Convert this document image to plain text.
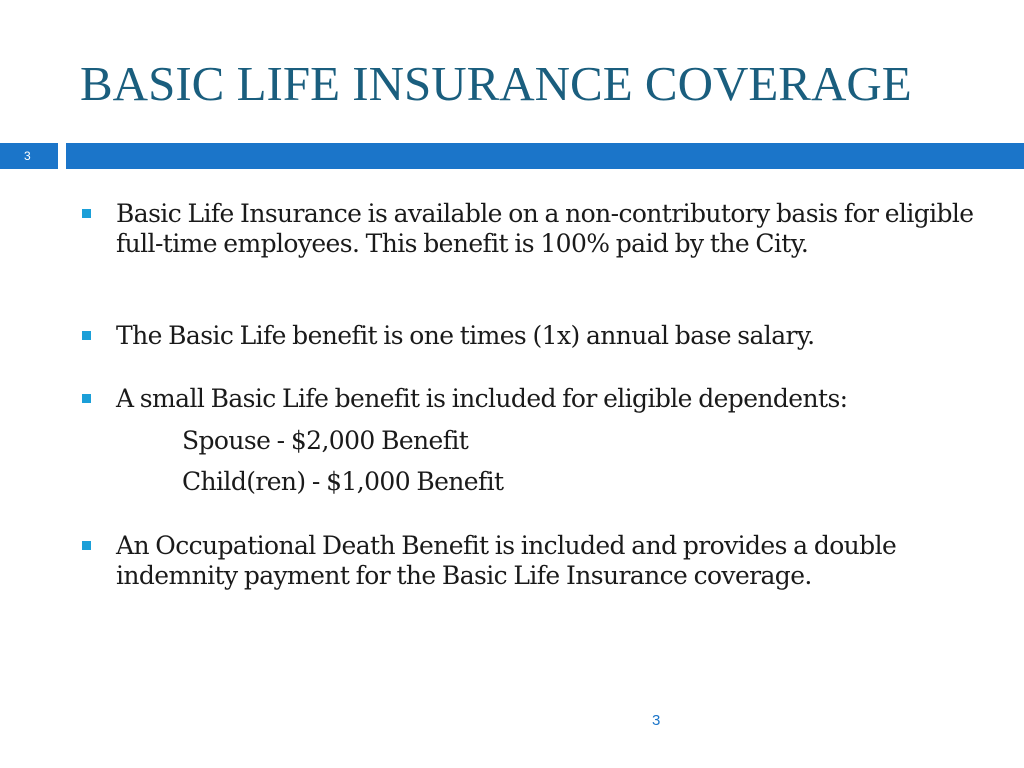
BASIC LIFE INSURANCE COVERAGE
3
Basic Life Insurance is available on a non-contributory basis for eligible full-time employees. This benefit is 100% paid by the City.
The Basic Life benefit is one times (1x) annual base salary.
A small Basic Life benefit is included for eligible dependents:
Spouse - $2,000 Benefit
Child(ren) - $1,000 Benefit
An Occupational Death Benefit is included and provides a double indemnity payment for the Basic Life Insurance coverage.
3
